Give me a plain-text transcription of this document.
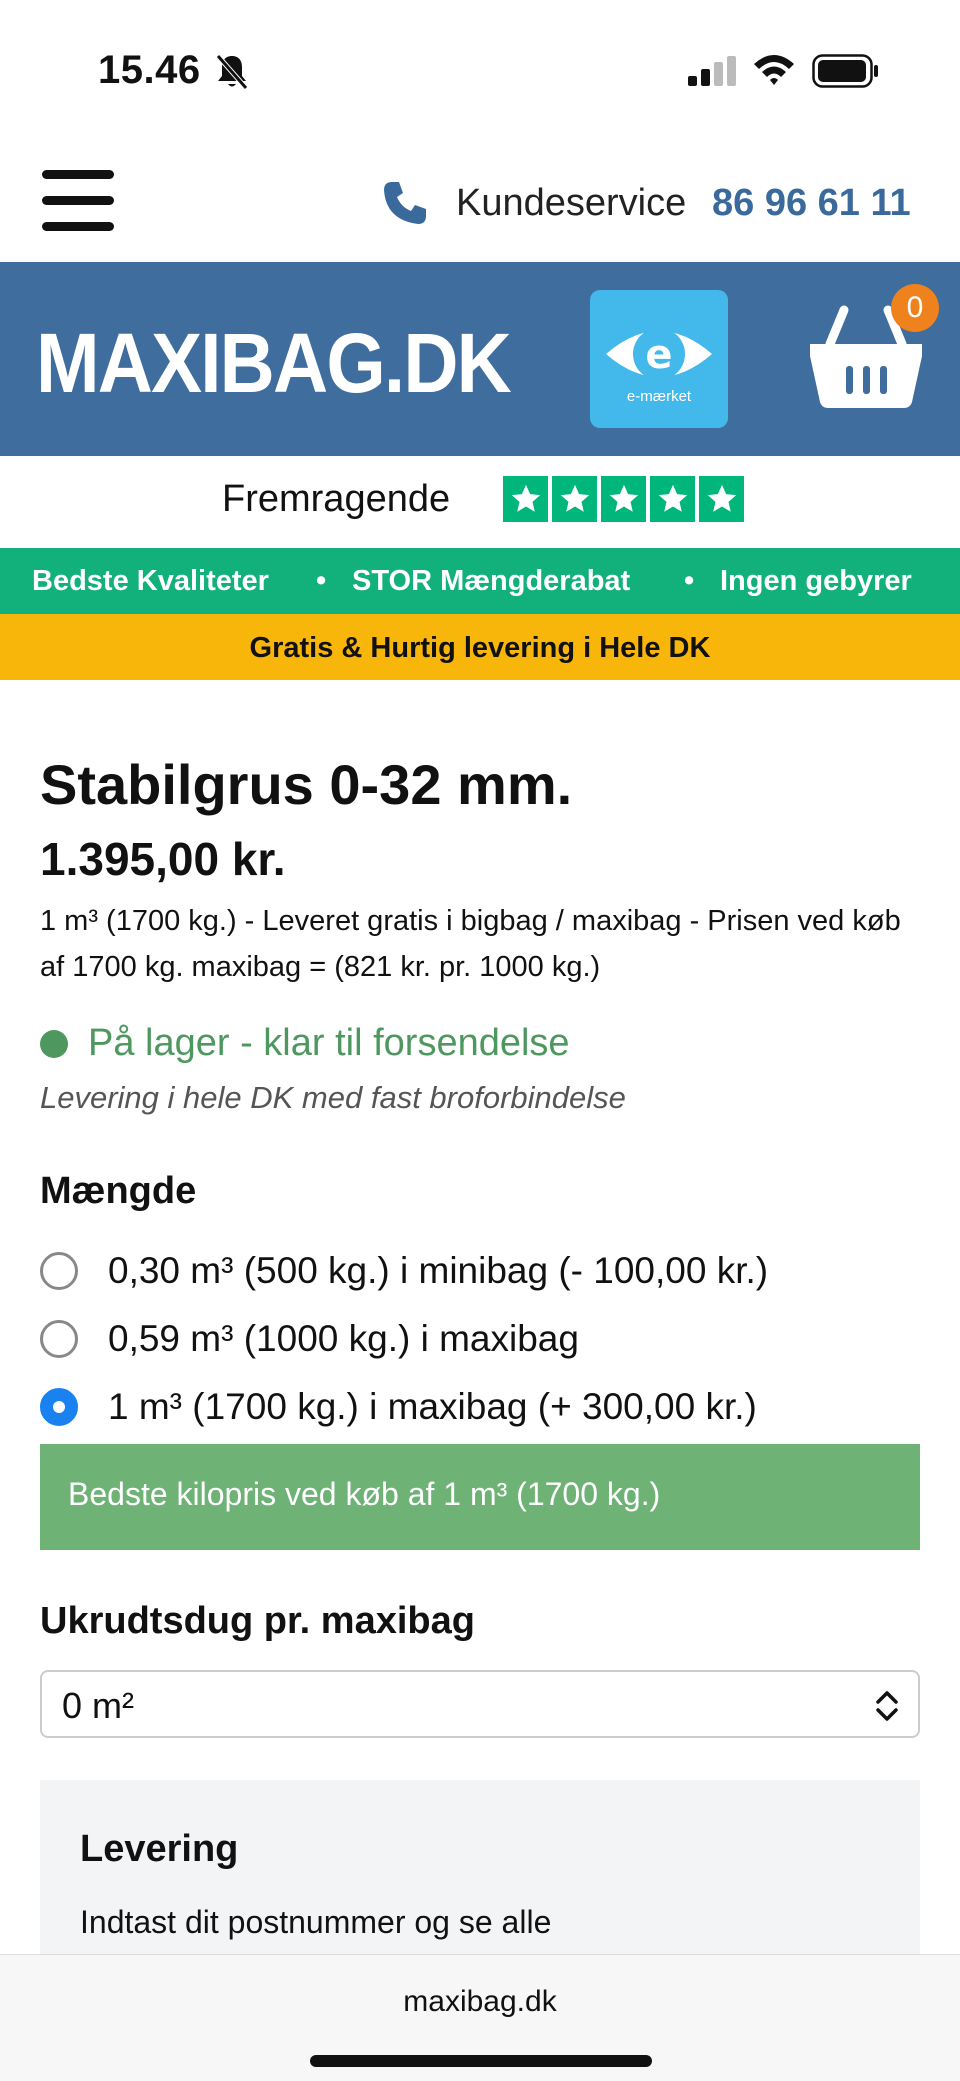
15.46
Kundeservice 86 96 61 11
MAXIBAG.DK	e
e-mærket
0
Fremragende
Bedste Kvaliteter • STOR Mængderabat • Ingen gebyrer
Gratis & Hurtig levering i Hele DK
Stabilgrus 0-32 mm.
1.395,00 kr.
1 m³ (1700 kg.) - Leveret gratis i bigbag / maxibag - Prisen ved køb af 1700 kg. maxibag = (821 kr. pr. 1000 kg.)
På lager - klar til forsendelse
Levering i hele DK med fast broforbindelse
Mængde
0,30 m³ (500 kg.) i minibag (- 100,00 kr.)
0,59 m³ (1000 kg.) i maxibag
1 m³ (1700 kg.) i maxibag (+ 300,00 kr.)
Bedste kilopris ved køb af 1 m³ (1700 kg.)
Ukrudtsdug pr. maxibag
0 m²
Levering
Indtast dit postnummer og se alle
maxibag.dk
